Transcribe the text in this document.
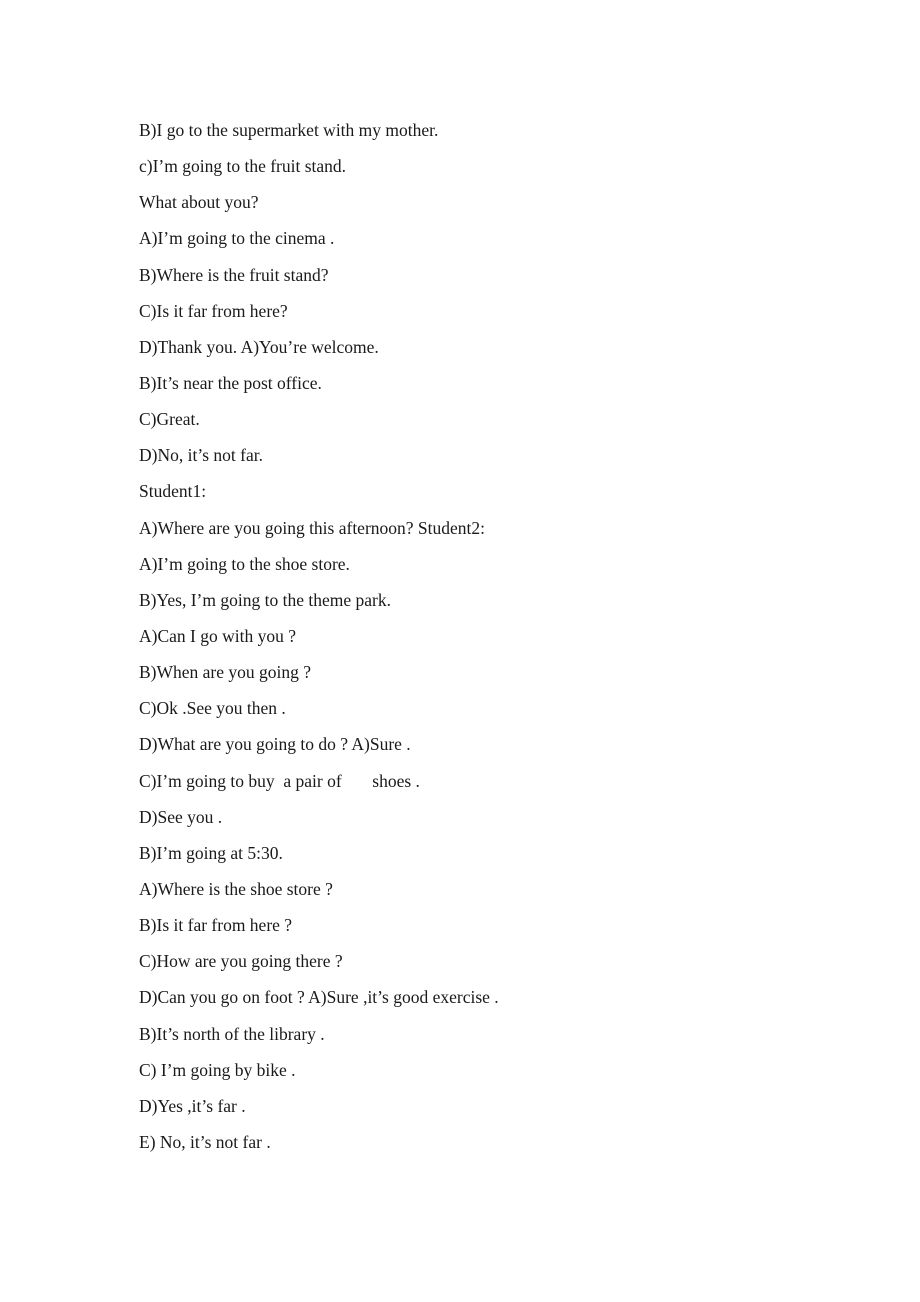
B)I go to the supermarket with my mother.
c)I’m going to the fruit stand.
What about you?
A)I’m going to the cinema .
B)Where is the fruit stand?
C)Is it far from here?
D)Thank you. A)You’re welcome.
B)It’s near the post office.
C)Great.
D)No, it’s not far.
Student1:
A)Where are you going this afternoon? Student2:
A)I’m going to the shoe store.
B)Yes, I’m going to the theme park.
A)Can I go with you ?
B)When are you going ?
C)Ok .See you then .
D)What are you going to do ? A)Sure .
C)I’m going to buy  a pair of       shoes .
D)See you .
B)I’m going at 5:30.
A)Where is the shoe store ?
B)Is it far from here ?
C)How are you going there ?
D)Can you go on foot ? A)Sure ,it’s good exercise .
B)It’s north of the library .
C) I’m going by bike .
D)Yes ,it’s far .
E) No, it’s not far .
